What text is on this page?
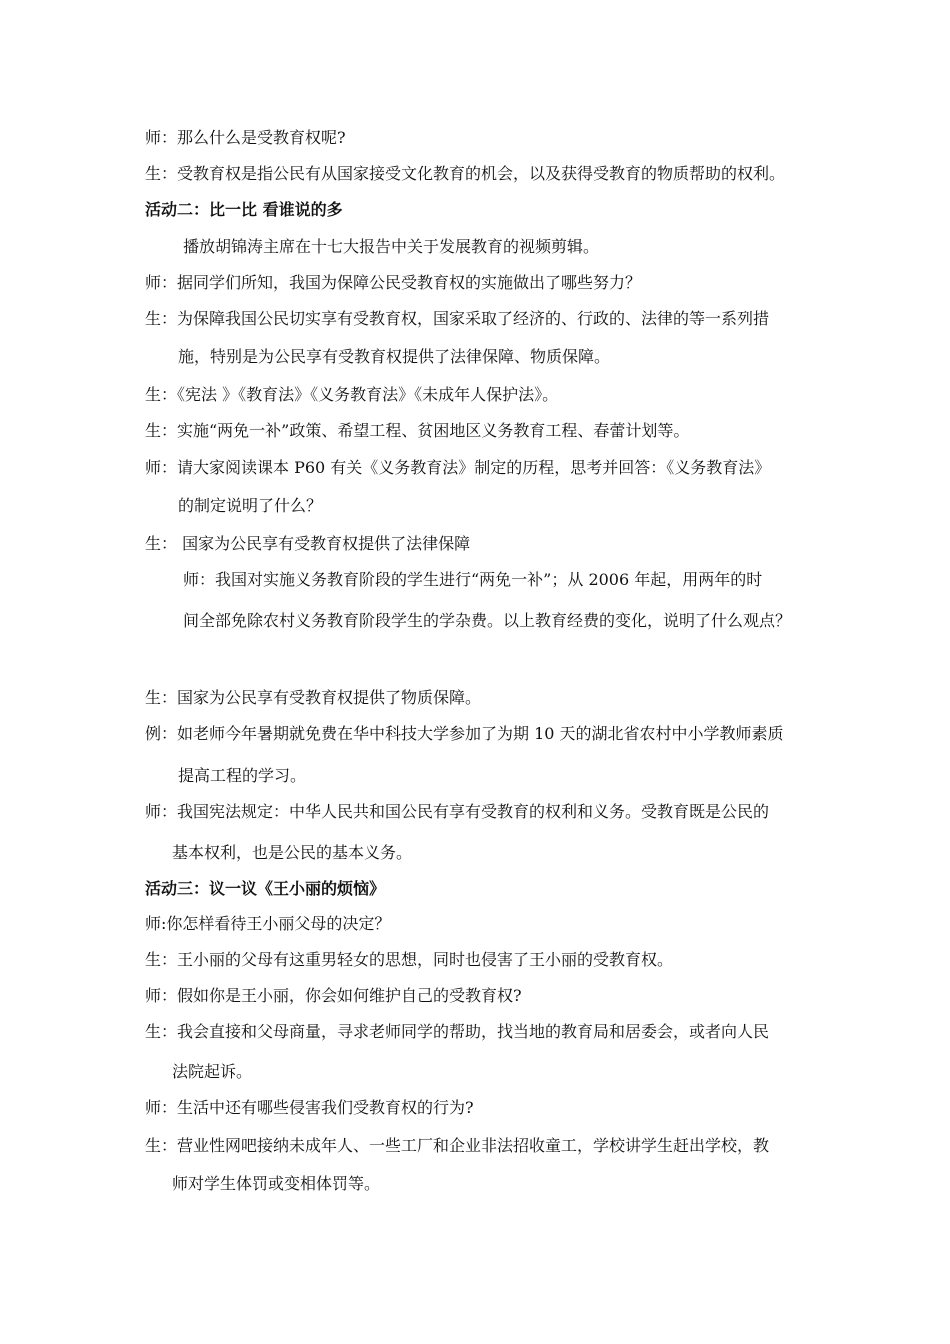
师：那么什么是受教育权呢?
生：受教育权是指公民有从国家接受文化教育的机会，以及获得受教育的物质帮助的权利。
活动二：比一比 看谁说的多
播放胡锦涛主席在十七大报告中关于发展教育的视频剪辑。
师：据同学们所知，我国为保障公民受教育权的实施做出了哪些努力？
生：为保障我国公民切实享有受教育权，国家采取了经济的、行政的、法律的等一系列措
施，特别是为公民享有受教育权提供了法律保障、物质保障。
生：《宪法 》《教育法》《义务教育法》《未成年人保护法》。
生：实施“两免一补”政策、希望工程、贫困地区义务教育工程、春蕾计划等。
师：请大家阅读课本 P60 有关《义务教育法》制定的历程，思考并回答：《义务教育法》
的制定说明了什么？
生： 国家为公民享有受教育权提供了法律保障
师：我国对实施义务教育阶段的学生进行“两免一补”；从 2006 年起，用两年的时
间全部免除农村义务教育阶段学生的学杂费。以上教育经费的变化，说明了什么观点？
生：国家为公民享有受教育权提供了物质保障。
例：如老师今年暑期就免费在华中科技大学参加了为期 10 天的湖北省农村中小学教师素质
提高工程的学习。
师：我国宪法规定：中华人民共和国公民有享有受教育的权利和义务。受教育既是公民的
基本权利，也是公民的基本义务。
活动三：议一议《王小丽的烦恼》
师:你怎样看待王小丽父母的决定？
生：王小丽的父母有这重男轻女的思想，同时也侵害了王小丽的受教育权。
师：假如你是王小丽，你会如何维护自己的受教育权?
生：我会直接和父母商量，寻求老师同学的帮助，找当地的教育局和居委会，或者向人民
法院起诉。
师：生活中还有哪些侵害我们受教育权的行为?
生：营业性网吧接纳未成年人、一些工厂和企业非法招收童工，学校讲学生赶出学校，教
师对学生体罚或变相体罚等。
